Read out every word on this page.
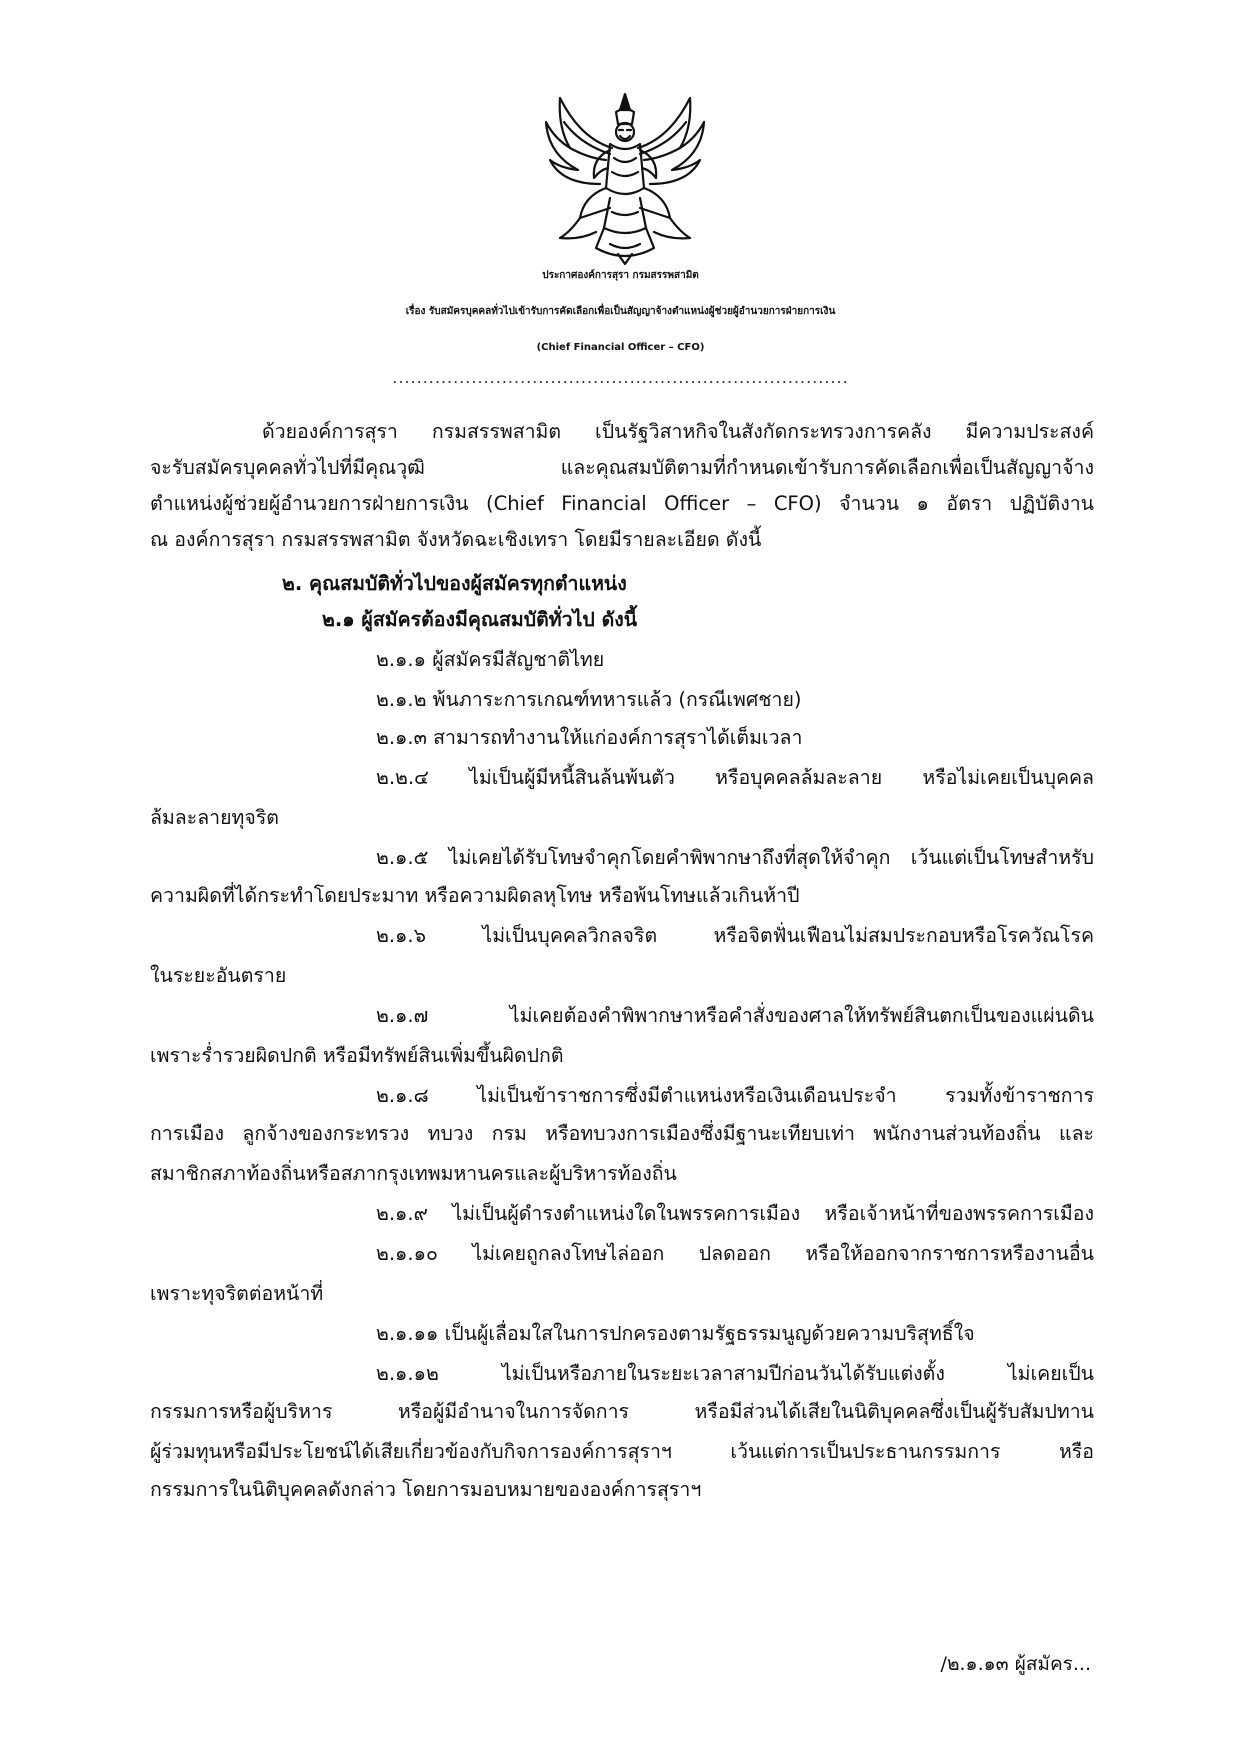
ประกาศองค์การสุรา กรมสรรพสามิต
เรื่อง รับสมัครบุคคลทั่วไปเข้ารับการคัดเลือกเพื่อเป็นสัญญาจ้างตำแหน่งผู้ช่วยผู้อำนวยการฝ่ายการเงิน
(Chief Financial Officer – CFO)
...........................................................................
ด้วยองค์การสุรา กรมสรรพสามิต เป็นรัฐวิสาหกิจในสังกัดกระทรวงการคลัง มีความประสงค์
จะรับสมัครบุคคลทั่วไปที่มีคุณวุฒิ และคุณสมบัติตามที่กำหนดเข้ารับการคัดเลือกเพื่อเป็นสัญญาจ้าง
ตำแหน่งผู้ช่วยผู้อำนวยการฝ่ายการเงิน (Chief Financial Officer – CFO) จำนวน ๑ อัตรา ปฏิบัติงาน
ณ องค์การสุรา กรมสรรพสามิต จังหวัดฉะเชิงเทรา โดยมีรายละเอียด ดังนี้
๒. คุณสมบัติทั่วไปของผู้สมัครทุกตำแหน่ง
๒.๑ ผู้สมัครต้องมีคุณสมบัติทั่วไป ดังนี้
๒.๑.๑ ผู้สมัครมีสัญชาติไทย
๒.๑.๒ พ้นภาระการเกณฑ์ทหารแล้ว (กรณีเพศชาย)
๒.๑.๓ สามารถทำงานให้แก่องค์การสุราได้เต็มเวลา
๒.๒.๔ ไม่เป็นผู้มีหนี้สินล้นพ้นตัว หรือบุคคลล้มละลาย หรือไม่เคยเป็นบุคคล
ล้มละลายทุจริต
๒.๑.๕ ไม่เคยได้รับโทษจำคุกโดยคำพิพากษาถึงที่สุดให้จำคุก เว้นแต่เป็นโทษสำหรับ
ความผิดที่ได้กระทำโดยประมาท หรือความผิดลหุโทษ หรือพ้นโทษแล้วเกินห้าปี
๒.๑.๖ ไม่เป็นบุคคลวิกลจริต หรือจิตฟั่นเฟือนไม่สมประกอบหรือโรควัณโรค
ในระยะอันตราย
๒.๑.๗ ไม่เคยต้องคำพิพากษาหรือคำสั่งของศาลให้ทรัพย์สินตกเป็นของแผ่นดิน
เพราะร่ำรวยผิดปกติ หรือมีทรัพย์สินเพิ่มขึ้นผิดปกติ
๒.๑.๘ ไม่เป็นข้าราชการซึ่งมีตำแหน่งหรือเงินเดือนประจำ รวมทั้งข้าราชการ
การเมือง ลูกจ้างของกระทรวง ทบวง กรม หรือทบวงการเมืองซึ่งมีฐานะเทียบเท่า พนักงานส่วนท้องถิ่น และ
สมาชิกสภาท้องถิ่นหรือสภากรุงเทพมหานครและผู้บริหารท้องถิ่น
๒.๑.๙ ไม่เป็นผู้ดำรงตำแหน่งใดในพรรคการเมือง หรือเจ้าหน้าที่ของพรรคการเมือง
๒.๑.๑๐ ไม่เคยถูกลงโทษไล่ออก ปลดออก หรือให้ออกจากราชการหรืองานอื่น
เพราะทุจริตต่อหน้าที่
๒.๑.๑๑ เป็นผู้เลื่อมใสในการปกครองตามรัฐธรรมนูญด้วยความบริสุทธิ์ใจ
๒.๑.๑๒ ไม่เป็นหรือภายในระยะเวลาสามปีก่อนวันได้รับแต่งตั้ง ไม่เคยเป็น
กรรมการหรือผู้บริหาร หรือผู้มีอำนาจในการจัดการ หรือมีส่วนได้เสียในนิติบุคคลซึ่งเป็นผู้รับสัมปทาน
ผู้ร่วมทุนหรือมีประโยชน์ได้เสียเกี่ยวข้องกับกิจการองค์การสุราฯ เว้นแต่การเป็นประธานกรรมการ หรือ
กรรมการในนิติบุคคลดังกล่าว โดยการมอบหมายขององค์การสุราฯ
/๒.๑.๑๓ ผู้สมัคร...
